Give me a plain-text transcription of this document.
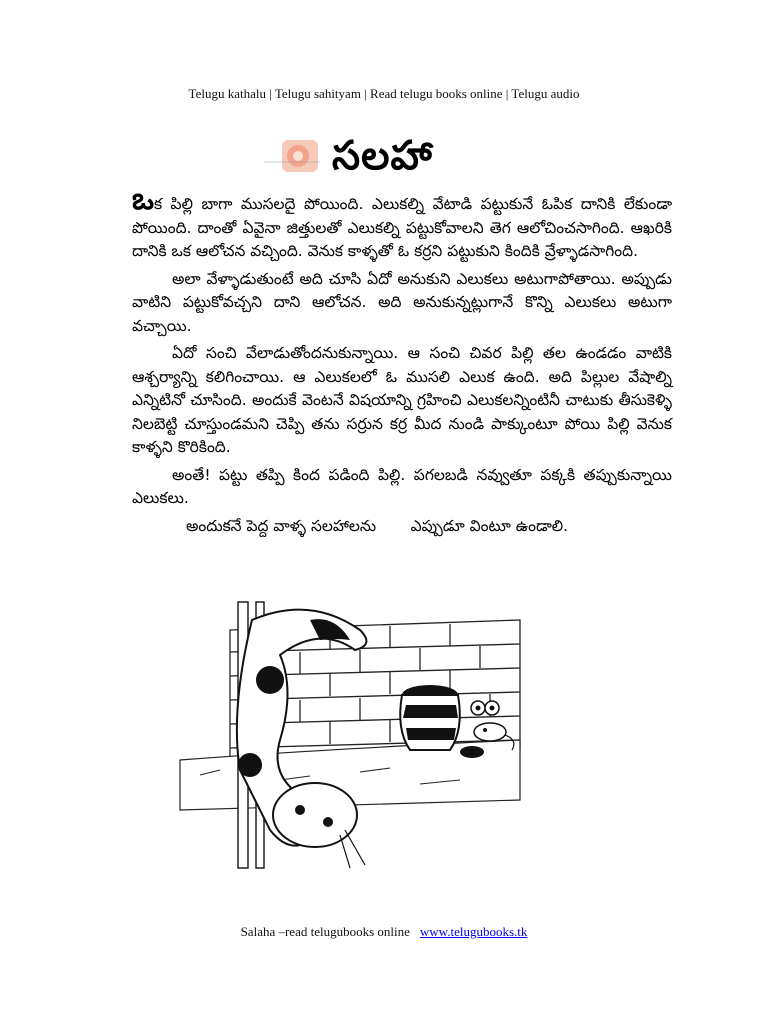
Telugu kathalu | Telugu sahityam | Read telugu books online | Telugu audio
సలహా

ఒక పిల్లి బాగా ముసలదై పోయింది. ఎలుకల్ని వేటాడి పట్టుకునే ఓపిక దానికి లేకుండా పోయింది. దాంతో ఏవైనా జిత్తులతో ఎలుకల్ని పట్టుకోవాలని తెగ ఆలోచించసాగింది. ఆఖరికి దానికి ఒక ఆలోచన వచ్చింది. వెనుక కాళ్ళతో ఓ కర్రని పట్టుకుని కిందికి వ్రేళ్ళాడసాగింది.

అలా వేళ్ళాడుతుంటే అది చూసి ఏదో అనుకుని ఎలుకలు అటుగాపోతాయి. అప్పుడు వాటిని పట్టుకోవచ్చని దాని ఆలోచన. అది అనుకున్నట్లుగానే కొన్ని ఎలుకలు అటుగా వచ్చాయి.

ఏదో సంచి వేలాడుతోందనుకున్నాయి. ఆ సంచి చివర పిల్లి తల ఉండడం వాటికి ఆశ్చర్యాన్ని కలిగించాయి. ఆ ఎలుకలలో ఓ ముసలి ఎలుక ఉంది. అది పిల్లుల వేషాల్ని ఎన్నిటినో చూసింది. అందుకే వెంటనే విషయాన్ని గ్రహించి ఎలుకలన్నింటినీ చాటుకు తీసుకెళ్ళి నిలబెట్టి చూస్తుండమని చెప్పి తను సర్రున కర్ర మీద నుండి పాక్కుంటూ పోయి పిల్లి వెనుక కాళ్ళని కొరికింది.

అంతే! పట్టు తప్పి కింద పడింది పిల్లి. పగలబడి నవ్వుతూ పక్కకి తప్పుకున్నాయి ఎలుకలు.

అందుకనే పెద్ద వాళ్ళ సలహాలను ఎప్పుడూ వింటూ ఉండాలి.

Salaha –read telugubooks online www.telugubooks.tk
